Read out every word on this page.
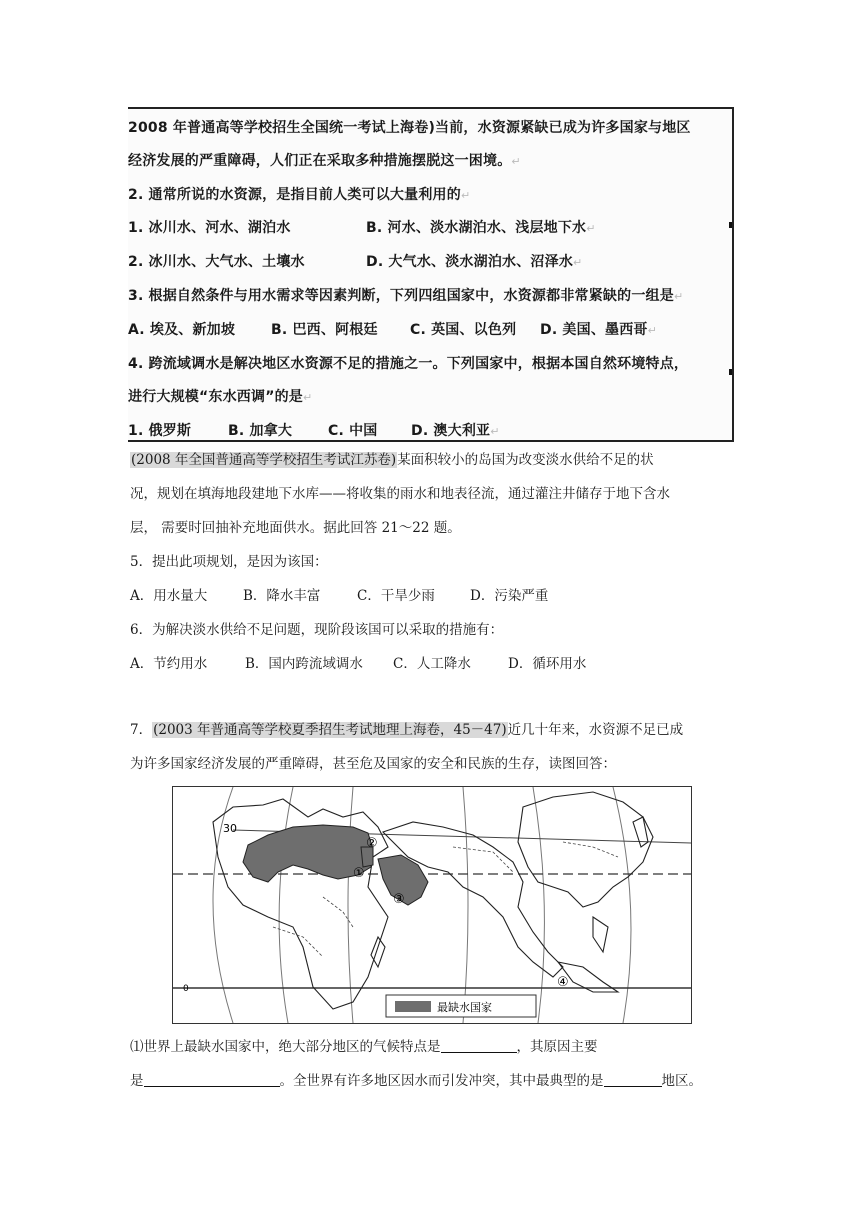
2008 年普通高等学校招生全国统一考试上海卷)当前，水资源紧缺已成为许多国家与地区
经济发展的严重障碍，人们正在采取多种措施摆脱这一困境。↵
2. 通常所说的水资源，是指目前人类可以大量利用的↵
1. 冰川水、河水、湖泊水	B. 河水、淡水湖泊水、浅层地下水↵
2. 冰川水、大气水、土壤水	D. 大气水、淡水湖泊水、沼泽水↵
3. 根据自然条件与用水需求等因素判断，下列四组国家中，水资源都非常紧缺的一组是↵
A. 埃及、新加坡	B. 巴西、阿根廷 C. 英国、以色列 D. 美国、墨西哥↵
4. 跨流域调水是解决地区水资源不足的措施之一。下列国家中，根据本国自然环境特点，
进行大规模“东水西调”的是↵
1. 俄罗斯	B. 加拿大	C. 中国 D. 澳大利亚↵
(2008 年全国普通高等学校招生考试江苏卷)某面积较小的岛国为改变淡水供给不足的状
况，规划在填海地段建地下水库——将收集的雨水和地表径流，通过灌注井储存于地下含水
层， 需要时回抽补充地面供水。据此回答 21～22 题。
5．提出此项规划，是因为该国：
A．用水量大	B．降水丰富	C．干旱少雨	D．污染严重
6．为解决淡水供给不足问题，现阶段该国可以采取的措施有：
A．节约用水	B．国内跨流域调水 C．人工降水	D．循环用水
7．(2003 年普通高等学校夏季招生考试地理上海卷，45－47)近几十年来，水资源不足已成
为许多国家经济发展的严重障碍，甚至危及国家的安全和民族的生存，读图回答：
30
0
①
②
③
④
最缺水国家
⑴世界上最缺水国家中，绝大部分地区的气候特点是	，其原因主要
是	。全世界有许多地区因水而引发冲突，其中最典型的是	地区。
